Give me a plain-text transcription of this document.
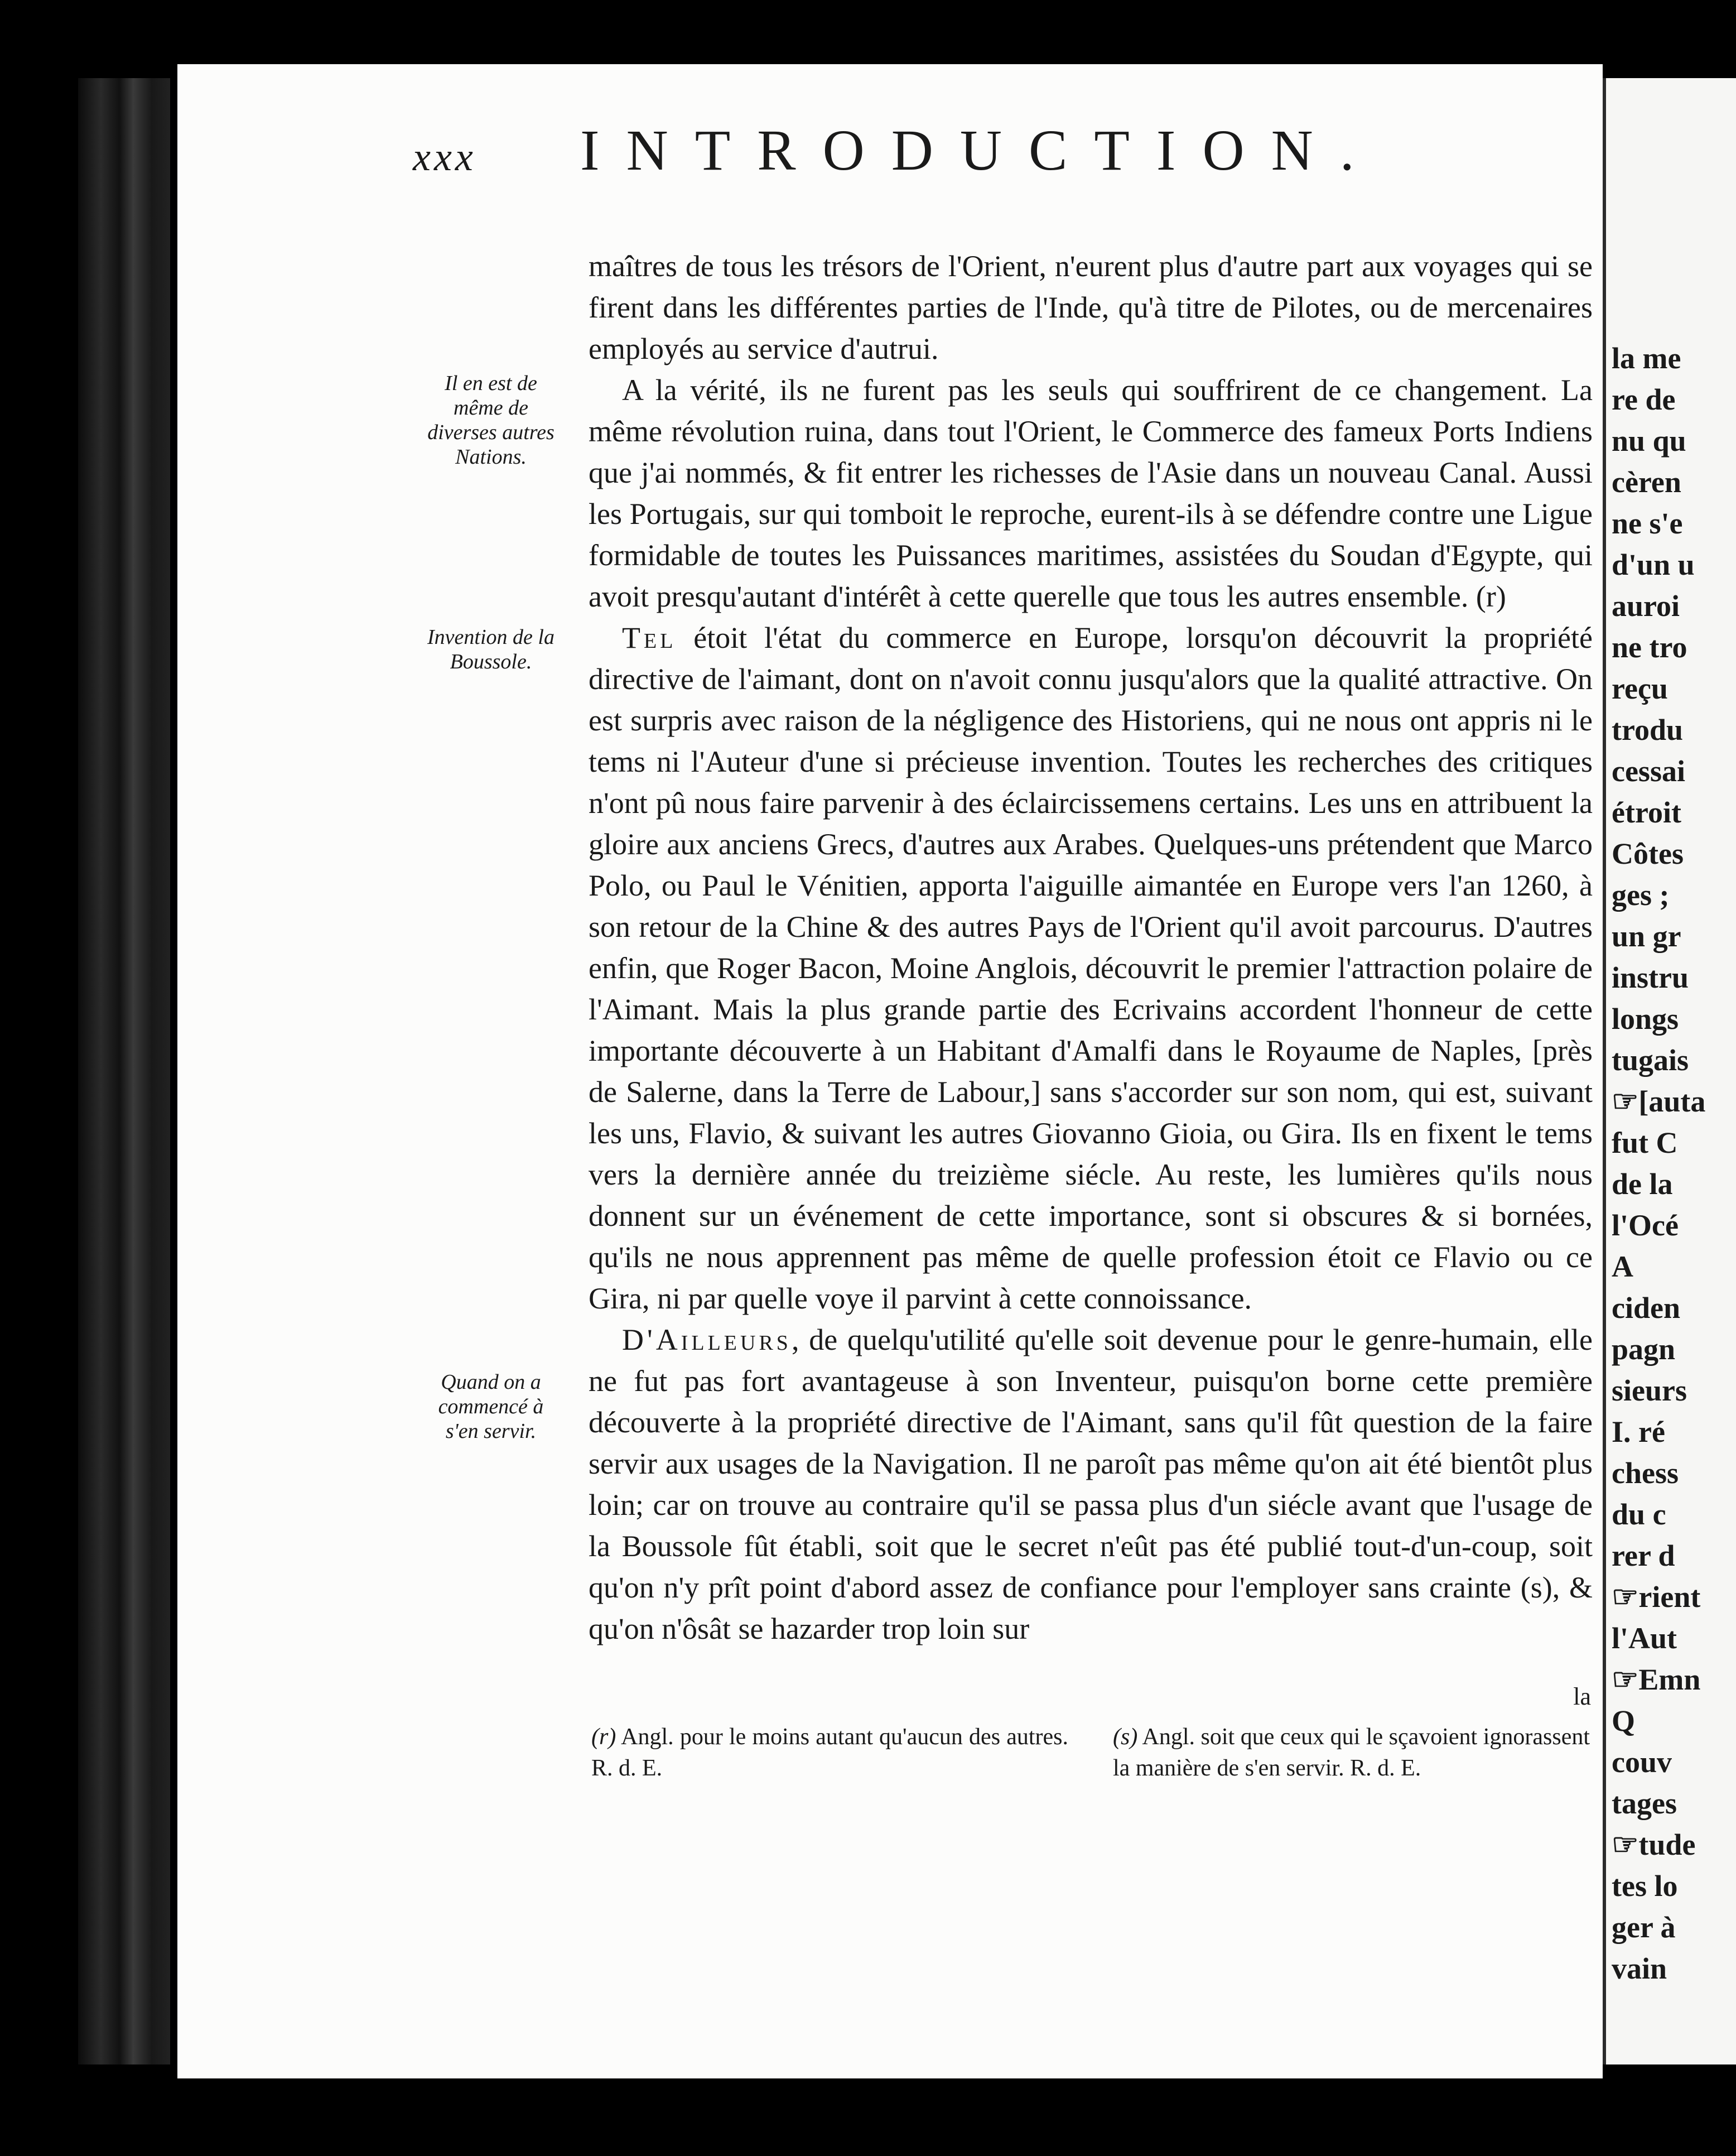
xxx INTRODUCTION.
Il en est de même de diverses autres Nations.
Invention de la Boussole.
Quand on a commencé à s'en servir.

maîtres de tous les trésors de l'Orient, n'eurent plus d'autre part aux voyages qui se firent dans les différentes parties de l'Inde, qu'à titre de Pilotes, ou de mercenaires employés au service d'autrui.

A la vérité, ils ne furent pas les seuls qui souffrirent de ce changement. La même révolution ruina, dans tout l'Orient, le Commerce des fameux Ports Indiens que j'ai nommés, & fit entrer les richesses de l'Asie dans un nouveau Canal. Aussi les Portugais, sur qui tomboit le reproche, eurent-ils à se défendre contre une Ligue formidable de toutes les Puissances maritimes, assistées du Soudan d'Egypte, qui avoit presqu'autant d'intérêt à cette querelle que tous les autres ensemble. (r)

Tel étoit l'état du commerce en Europe, lorsqu'on découvrit la propriété directive de l'aimant, dont on n'avoit connu jusqu'alors que la qualité attractive. On est surpris avec raison de la négligence des Historiens, qui ne nous ont appris ni le tems ni l'Auteur d'une si précieuse invention. Toutes les recherches des critiques n'ont pû nous faire parvenir à des éclaircissemens certains. Les uns en attribuent la gloire aux anciens Grecs, d'autres aux Arabes. Quelques-uns prétendent que Marco Polo, ou Paul le Vénitien, apporta l'aiguille aimantée en Europe vers l'an 1260, à son retour de la Chine & des autres Pays de l'Orient qu'il avoit parcourus. D'autres enfin, que Roger Bacon, Moine Anglois, découvrit le premier l'attraction polaire de l'Aimant. Mais la plus grande partie des Ecrivains accordent l'honneur de cette importante découverte à un Habitant d'Amalfi dans le Royaume de Naples, [près de Salerne, dans la Terre de Labour,] sans s'accorder sur son nom, qui est, suivant les uns, Flavio, & suivant les autres Giovanno Gioia, ou Gira. Ils en fixent le tems vers la dernière année du treizième siécle. Au reste, les lumières qu'ils nous donnent sur un événement de cette importance, sont si obscures & si bornées, qu'ils ne nous apprennent pas même de quelle profession étoit ce Flavio ou ce Gira, ni par quelle voye il parvint à cette connoissance.

D'Ailleurs, de quelqu'utilité qu'elle soit devenue pour le genre-humain, elle ne fut pas fort avantageuse à son Inventeur, puisqu'on borne cette première découverte à la propriété directive de l'Aimant, sans qu'il fût question de la faire servir aux usages de la Navigation. Il ne paroît pas même qu'on ait été bientôt plus loin; car on trouve au contraire qu'il se passa plus d'un siécle avant que l'usage de la Boussole fût établi, soit que le secret n'eût pas été publié tout-d'un-coup, soit qu'on n'y prît point d'abord assez de confiance pour l'employer sans crainte (s), & qu'on n'ôsât se hazarder trop loin sur

la
(r) Angl. pour le moins autant qu'aucun des autres. R. d. E.
(s) Angl. soit que ceux qui le sçavoient ignorassent la manière de s'en servir. R. d. E.
la me
re de
nu qu
cèren
ne s'e
d'un u
auroi
ne tro
reçu
trodu
cessai
étroit
Côtes
ges ;
un gr
instru
longs
tugais
☞[auta
fut C
de la
l'Océ
A
ciden
pagn
sieurs
I. ré
chess
du c
rer d
☞rient
l'Aut
☞Emn
Q
couv
tages
☞tude
tes lo
ger à
vain
